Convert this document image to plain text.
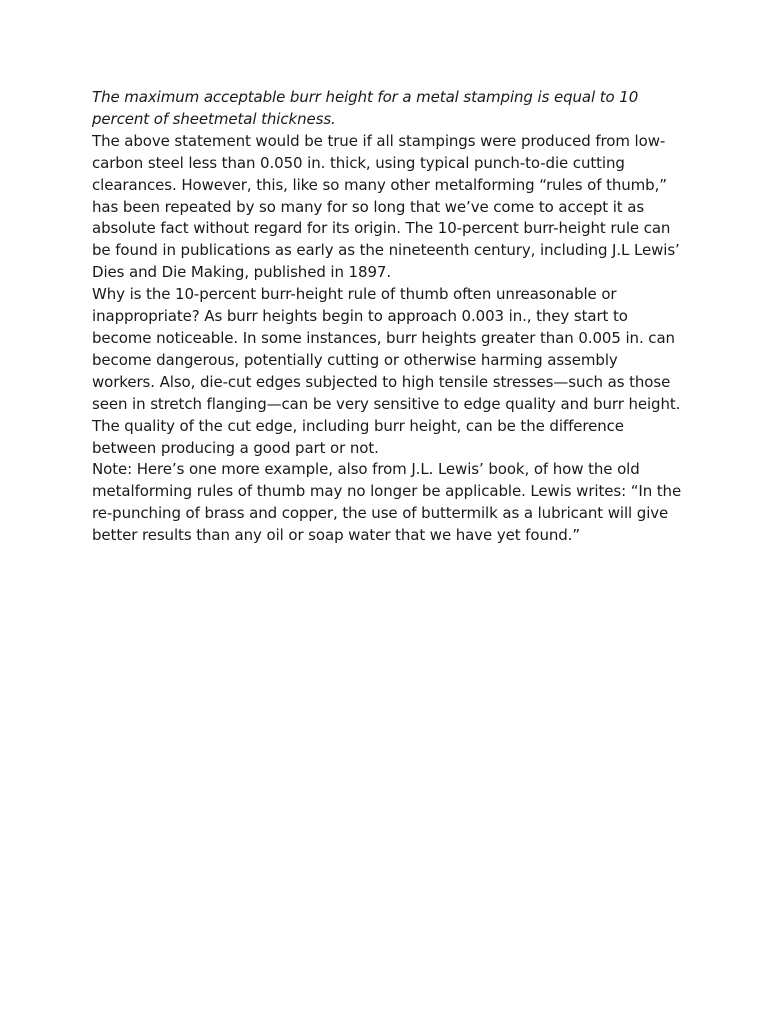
The maximum acceptable burr height for a metal stamping is equal to 10 percent of sheetmetal thickness.

The above statement would be true if all stampings were produced from low-carbon steel less than 0.050 in. thick, using typical punch-to-die cutting clearances. However, this, like so many other metalforming “rules of thumb,” has been repeated by so many for so long that we’ve come to accept it as absolute fact without regard for its origin. The 10-percent burr-height rule can be found in publications as early as the nineteenth century, including J.L Lewis’ Dies and Die Making, published in 1897.

Why is the 10-percent burr-height rule of thumb often unreasonable or inappropriate? As burr heights begin to approach 0.003 in., they start to become noticeable. In some instances, burr heights greater than 0.005 in. can become dangerous, potentially cutting or otherwise harming assembly workers. Also, die-cut edges subjected to high tensile stresses—such as those seen in stretch flanging—can be very sensitive to edge quality and burr height. The quality of the cut edge, including burr height, can be the difference between producing a good part or not.

Note: Here’s one more example, also from J.L. Lewis’ book, of how the old metalforming rules of thumb may no longer be applicable. Lewis writes: “In the re-punching of brass and copper, the use of buttermilk as a lubricant will give better results than any oil or soap water that we have yet found.”
